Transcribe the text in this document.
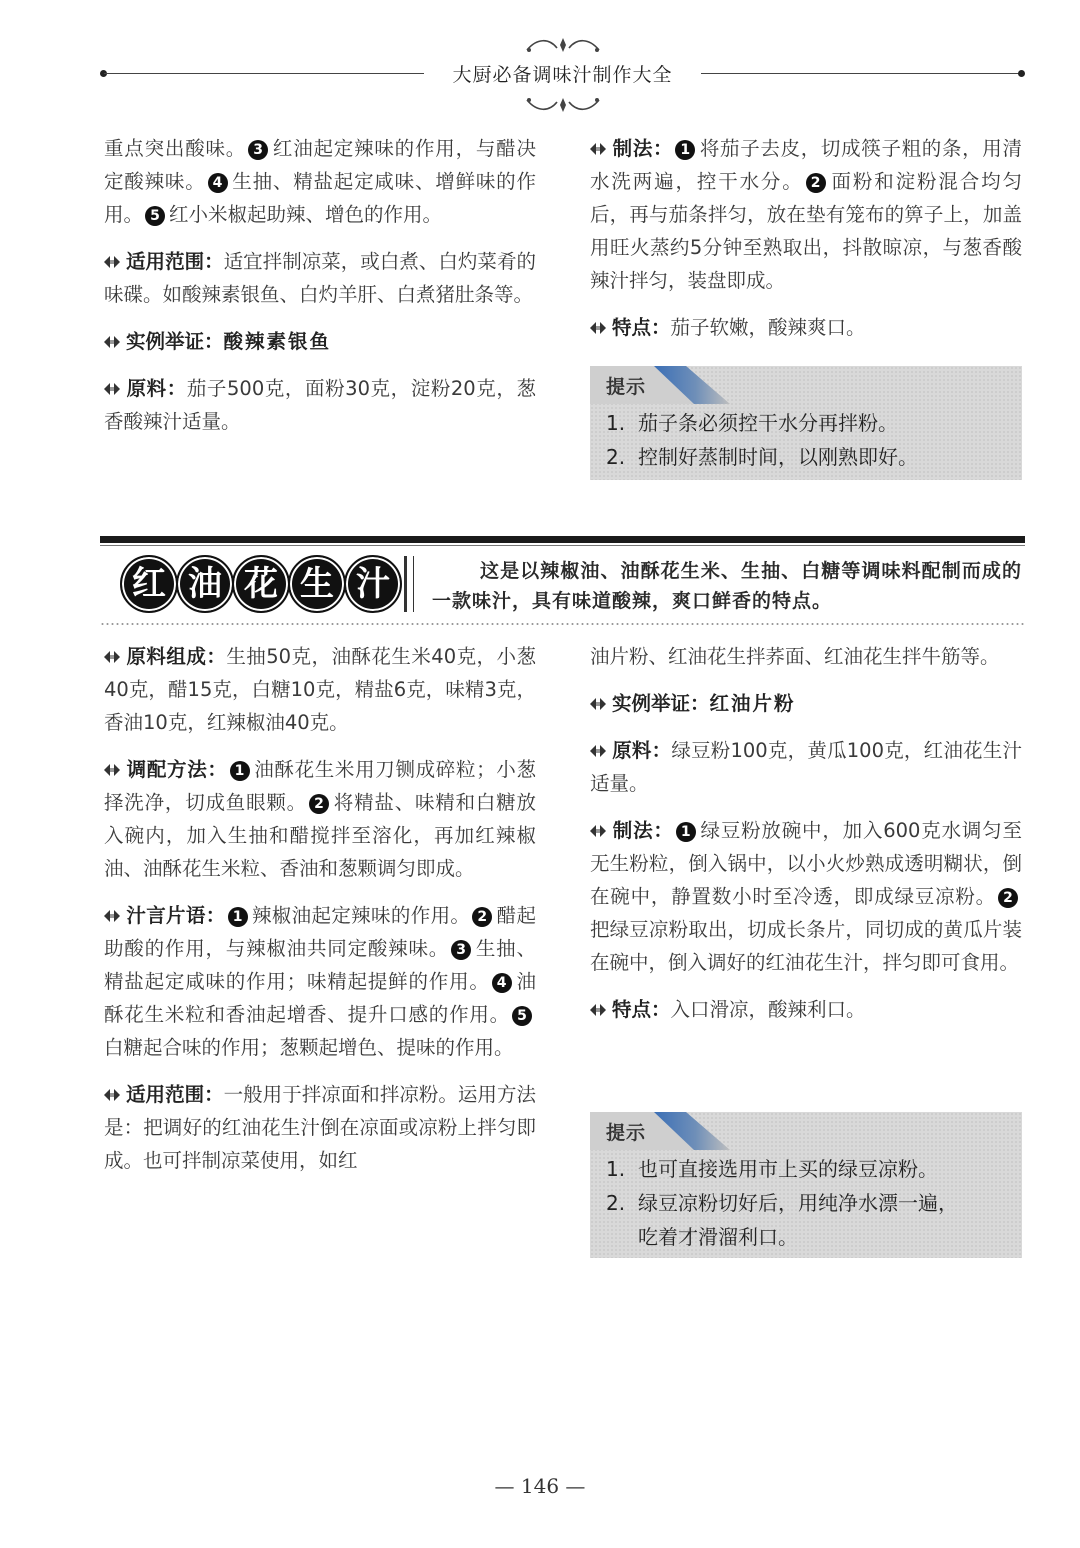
大厨必备调味汁制作大全

重点突出酸味。 3 红油起定辣味的作用，与醋决定酸辣味。 4 生抽、精盐起定咸味、增鲜味的作用。 5 红小米椒起助辣、增色的作用。

适用范围：适宜拌制凉菜，或白煮、白灼菜肴的味碟。如酸辣素银鱼、白灼羊肝、白煮猪肚条等。

实例举证：酸辣素银鱼

原料：茄子500克，面粉30克，淀粉20克，葱香酸辣汁适量。

制法： 1 将茄子去皮，切成筷子粗的条，用清水洗两遍，控干水分。 2 面粉和淀粉混合均匀后，再与茄条拌匀，放在垫有笼布的箅子上，加盖用旺火蒸约5分钟至熟取出，抖散晾凉，与葱香酸辣汁拌匀，装盘即成。

特点：茄子软嫩，酸辣爽口。

提示
1. 茄子条必须控干水分再拌粉。
2. 控制好蒸制时间，以刚熟即好。
红 油 花 生 汁	这是以辣椒油、油酥花生米、生抽、白糖等调味料配制而成的一款味汁，具有味道酸辣，爽口鲜香的特点。

原料组成：生抽50克，油酥花生米40克，小葱40克，醋15克，白糖10克，精盐6克，味精3克，香油10克，红辣椒油40克。

调配方法： 1 油酥花生米用刀铡成碎粒；小葱择洗净，切成鱼眼颗。 2 将精盐、味精和白糖放入碗内，加入生抽和醋搅拌至溶化，再加红辣椒油、油酥花生米粒、香油和葱颗调匀即成。

汁言片语： 1 辣椒油起定辣味的作用。 2 醋起助酸的作用，与辣椒油共同定酸辣味。 3 生抽、精盐起定咸味的作用；味精起提鲜的作用。 4 油酥花生米粒和香油起增香、提升口感的作用。 5白糖起合味的作用；葱颗起增色、提味的作用。

适用范围：一般用于拌凉面和拌凉粉。运用方法是：把调好的红油花生汁倒在凉面或凉粉上拌匀即成。也可拌制凉菜使用，如红

油片粉、红油花生拌荞面、红油花生拌牛筋等。

实例举证：红油片粉

原料：绿豆粉100克，黄瓜100克，红油花生汁适量。

制法： 1 绿豆粉放碗中，加入600克水调匀至无生粉粒，倒入锅中，以小火炒熟成透明糊状，倒在碗中，静置数小时至冷透，即成绿豆凉粉。 2把绿豆凉粉取出，切成长条片，同切成的黄瓜片装在碗中，倒入调好的红油花生汁，拌匀即可食用。

特点：入口滑凉，酸辣利口。

提示
1. 也可直接选用市上买的绿豆凉粉。
2. 绿豆凉粉切好后，用纯净水漂一遍，
吃着才滑溜利口。
— 146 —
